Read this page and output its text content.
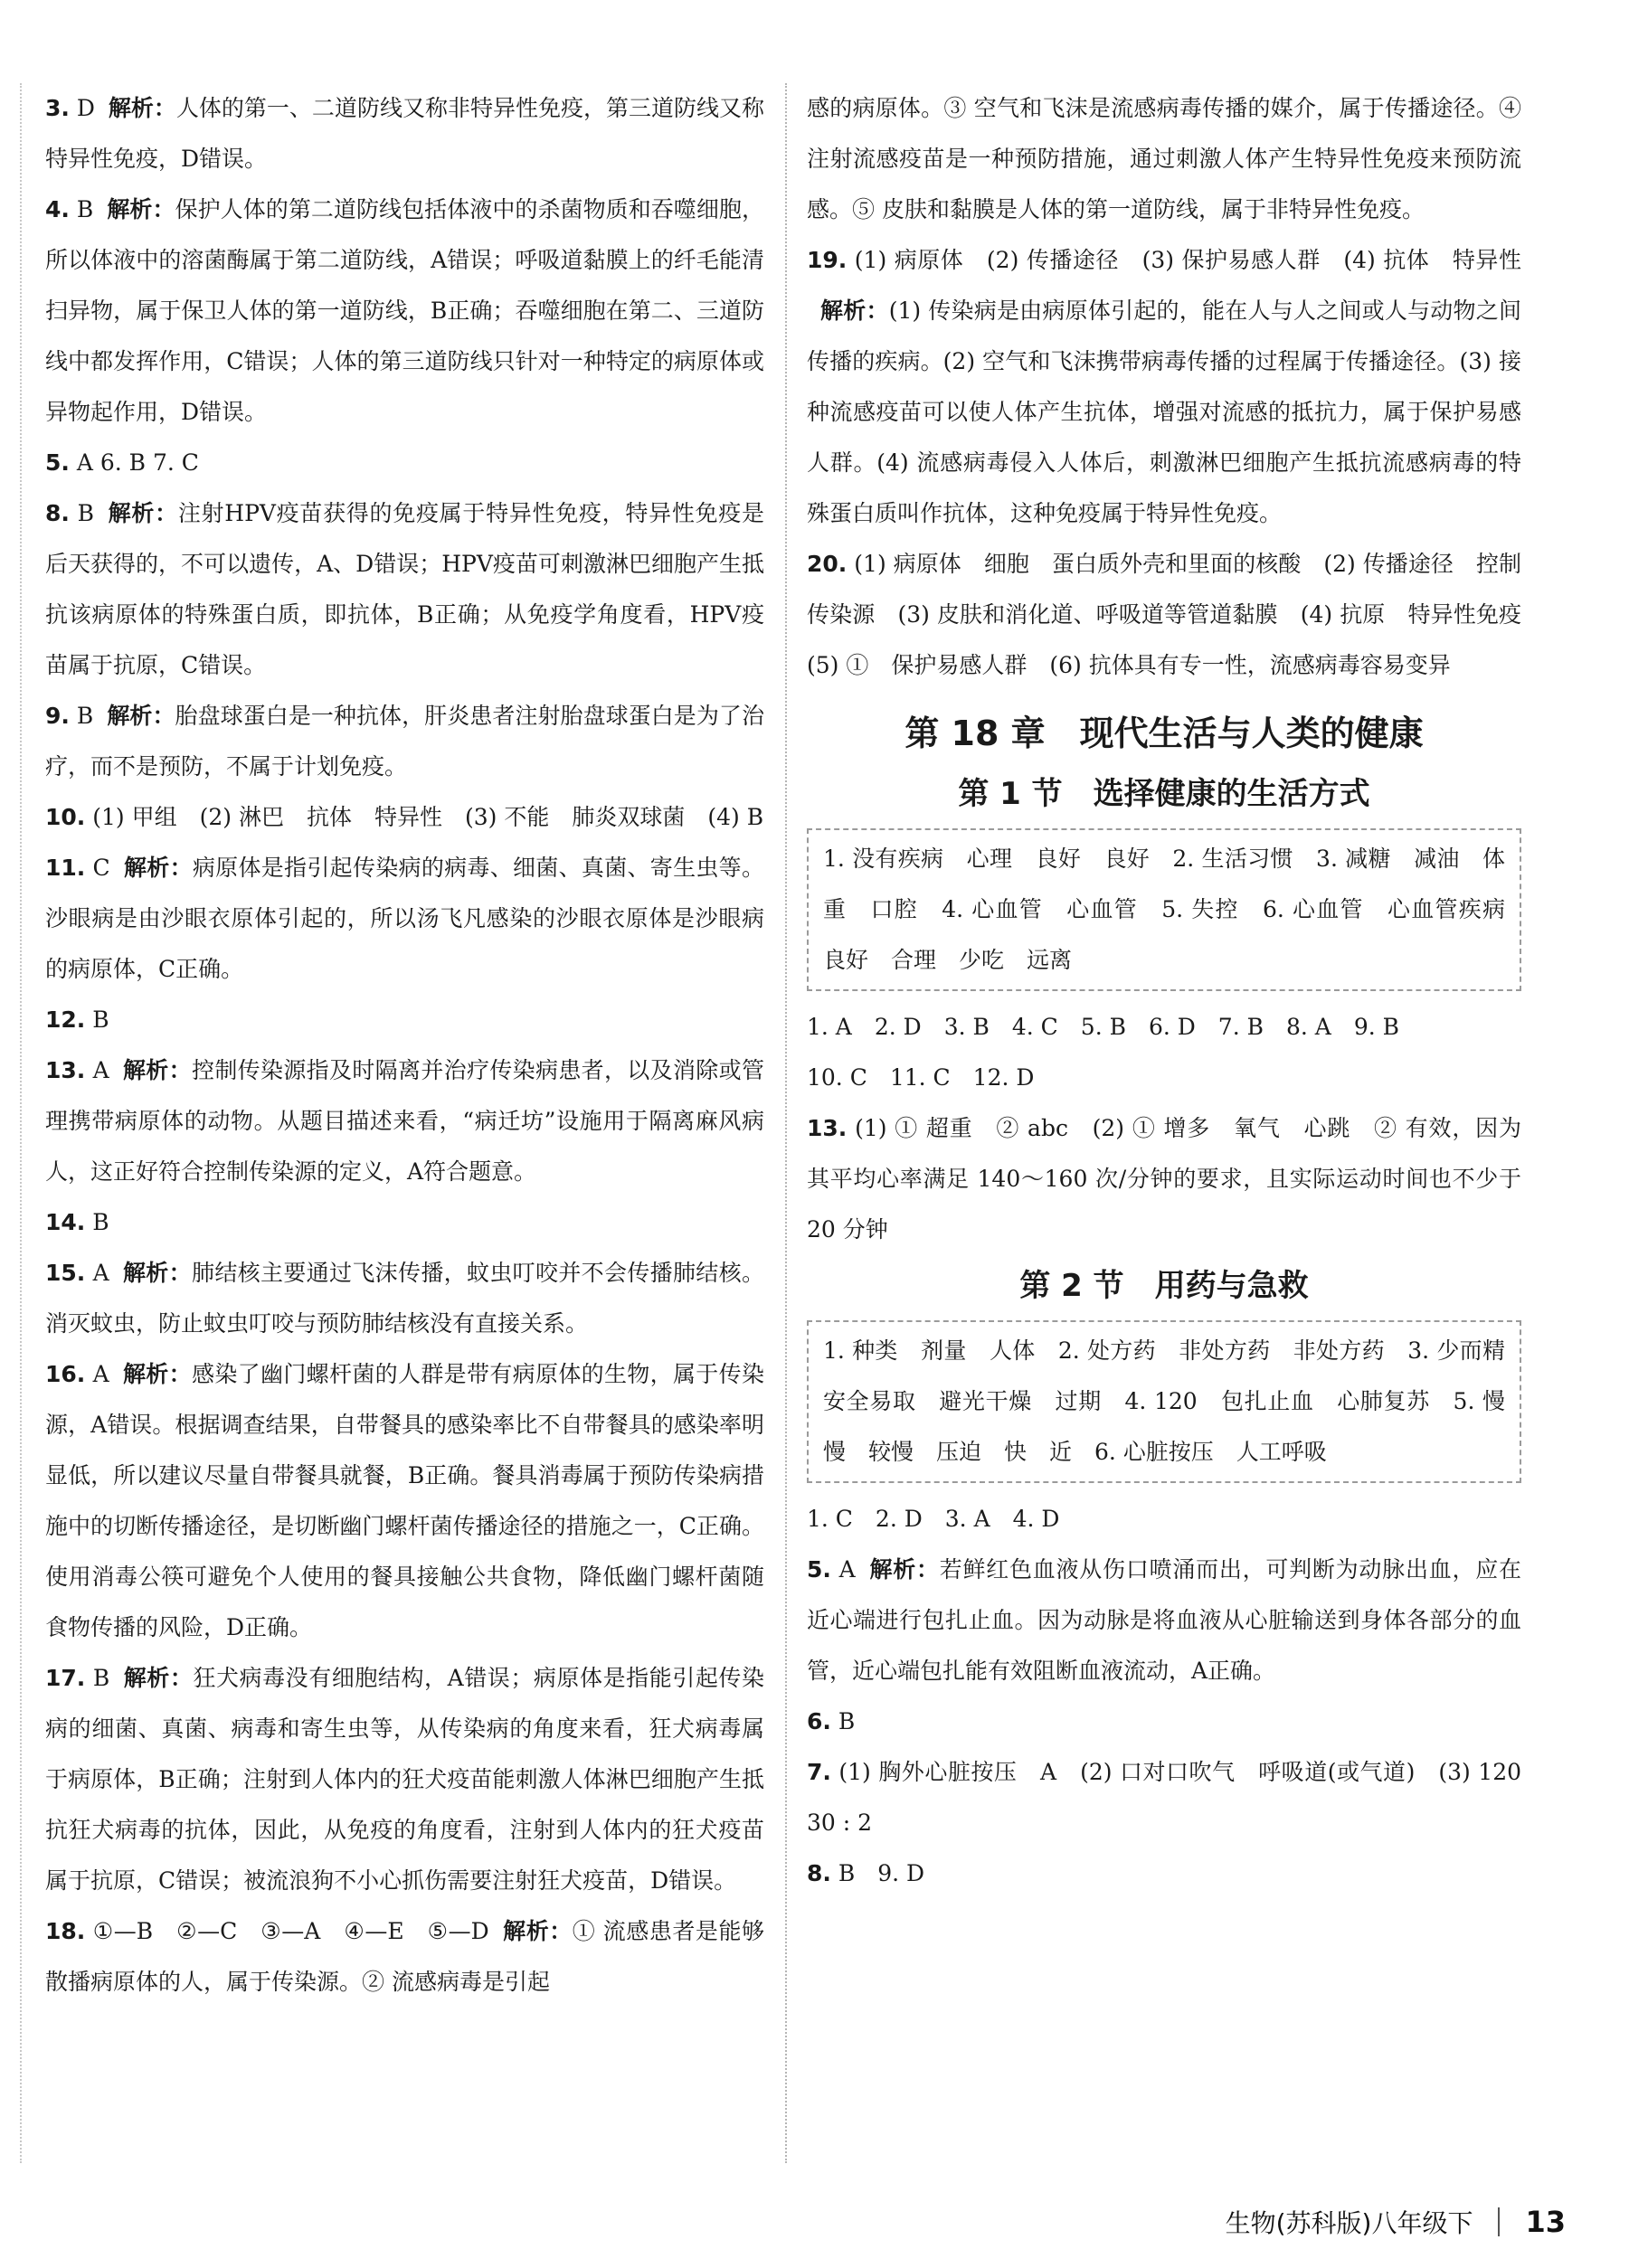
3. D 解析：人体的第一、二道防线又称非特异性免疫，第三道防线又称特异性免疫，D错误。

4. B 解析：保护人体的第二道防线包括体液中的杀菌物质和吞噬细胞，所以体液中的溶菌酶属于第二道防线，A错误；呼吸道黏膜上的纤毛能清扫异物，属于保卫人体的第一道防线，B正确；吞噬细胞在第二、三道防线中都发挥作用，C错误；人体的第三道防线只针对一种特定的病原体或异物起作用，D错误。

5. A 6. B 7. C

8. B 解析：注射HPV疫苗获得的免疫属于特异性免疫，特异性免疫是后天获得的，不可以遗传，A、D错误；HPV疫苗可刺激淋巴细胞产生抵抗该病原体的特殊蛋白质，即抗体，B正确；从免疫学角度看，HPV疫苗属于抗原，C错误。

9. B 解析：胎盘球蛋白是一种抗体，肝炎患者注射胎盘球蛋白是为了治疗，而不是预防，不属于计划免疫。

10. (1) 甲组　(2) 淋巴　抗体　特异性　(3) 不能　肺炎双球菌　(4) B

11. C 解析：病原体是指引起传染病的病毒、细菌、真菌、寄生虫等。沙眼病是由沙眼衣原体引起的，所以汤飞凡感染的沙眼衣原体是沙眼病的病原体，C正确。

12. B

13. A 解析：控制传染源指及时隔离并治疗传染病患者，以及消除或管理携带病原体的动物。从题目描述来看，“病迁坊”设施用于隔离麻风病人，这正好符合控制传染源的定义，A符合题意。

14. B

15. A 解析：肺结核主要通过飞沫传播，蚊虫叮咬并不会传播肺结核。消灭蚊虫，防止蚊虫叮咬与预防肺结核没有直接关系。

16. A 解析：感染了幽门螺杆菌的人群是带有病原体的生物，属于传染源，A错误。根据调查结果，自带餐具的感染率比不自带餐具的感染率明显低，所以建议尽量自带餐具就餐，B正确。餐具消毒属于预防传染病措施中的切断传播途径，是切断幽门螺杆菌传播途径的措施之一，C正确。使用消毒公筷可避免个人使用的餐具接触公共食物，降低幽门螺杆菌随食物传播的风险，D正确。

17. B 解析：狂犬病毒没有细胞结构，A错误；病原体是指能引起传染病的细菌、真菌、病毒和寄生虫等，从传染病的角度来看，狂犬病毒属于病原体，B正确；注射到人体内的狂犬疫苗能刺激人体淋巴细胞产生抵抗狂犬病毒的抗体，因此，从免疫的角度看，注射到人体内的狂犬疫苗属于抗原，C错误；被流浪狗不小心抓伤需要注射狂犬疫苗，D错误。

18. ①—B　②—C　③—A　④—E　⑤—D 解析：① 流感患者是能够散播病原体的人，属于传染源。② 流感病毒是引起

感的病原体。③ 空气和飞沫是流感病毒传播的媒介，属于传播途径。④ 注射流感疫苗是一种预防措施，通过刺激人体产生特异性免疫来预防流感。⑤ 皮肤和黏膜是人体的第一道防线，属于非特异性免疫。

19. (1) 病原体　(2) 传播途径　(3) 保护易感人群　(4) 抗体　特异性解析：(1) 传染病是由病原体引起的，能在人与人之间或人与动物之间传播的疾病。(2) 空气和飞沫携带病毒传播的过程属于传播途径。(3) 接种流感疫苗可以使人体产生抗体，增强对流感的抵抗力，属于保护易感人群。(4) 流感病毒侵入人体后，刺激淋巴细胞产生抵抗流感病毒的特殊蛋白质叫作抗体，这种免疫属于特异性免疫。

20. (1) 病原体　细胞　蛋白质外壳和里面的核酸　(2) 传播途径　控制传染源　(3) 皮肤和消化道、呼吸道等管道黏膜　(4) 抗原　特异性免疫　(5) ①　保护易感人群　(6) 抗体具有专一性，流感病毒容易变异

第 18 章　现代生活与人类的健康
第 1 节　选择健康的生活方式
1. 没有疾病　心理　良好　良好　2. 生活习惯　3. 减糖　减油　体重　口腔　4. 心血管　心血管　5. 失控　6. 心血管　心血管疾病　良好　合理　少吃　远离

1. A　2. D　3. B　4. C　5. B　6. D　7. B　8. A　9. B

10. C　11. C　12. D

13. (1) ① 超重　② abc　(2) ① 增多　氧气　心跳　② 有效，因为其平均心率满足 140～160 次/分钟的要求，且实际运动时间也不少于 20 分钟

第 2 节　用药与急救
1. 种类　剂量　人体　2. 处方药　非处方药　非处方药　3. 少而精　安全易取　避光干燥　过期　4. 120　包扎止血　心肺复苏　5. 慢慢　较慢　压迫　快　近　6. 心脏按压　人工呼吸

1. C　2. D　3. A　4. D

5. A 解析：若鲜红色血液从伤口喷涌而出，可判断为动脉出血，应在近心端进行包扎止血。因为动脉是将血液从心脏输送到身体各部分的血管，近心端包扎能有效阻断血液流动，A正确。

6. B

7. (1) 胸外心脏按压　A　(2) 口对口吹气　呼吸道(或气道)　(3) 120　30 : 2

8. B　9. D

生物(苏科版)八年级下 13
